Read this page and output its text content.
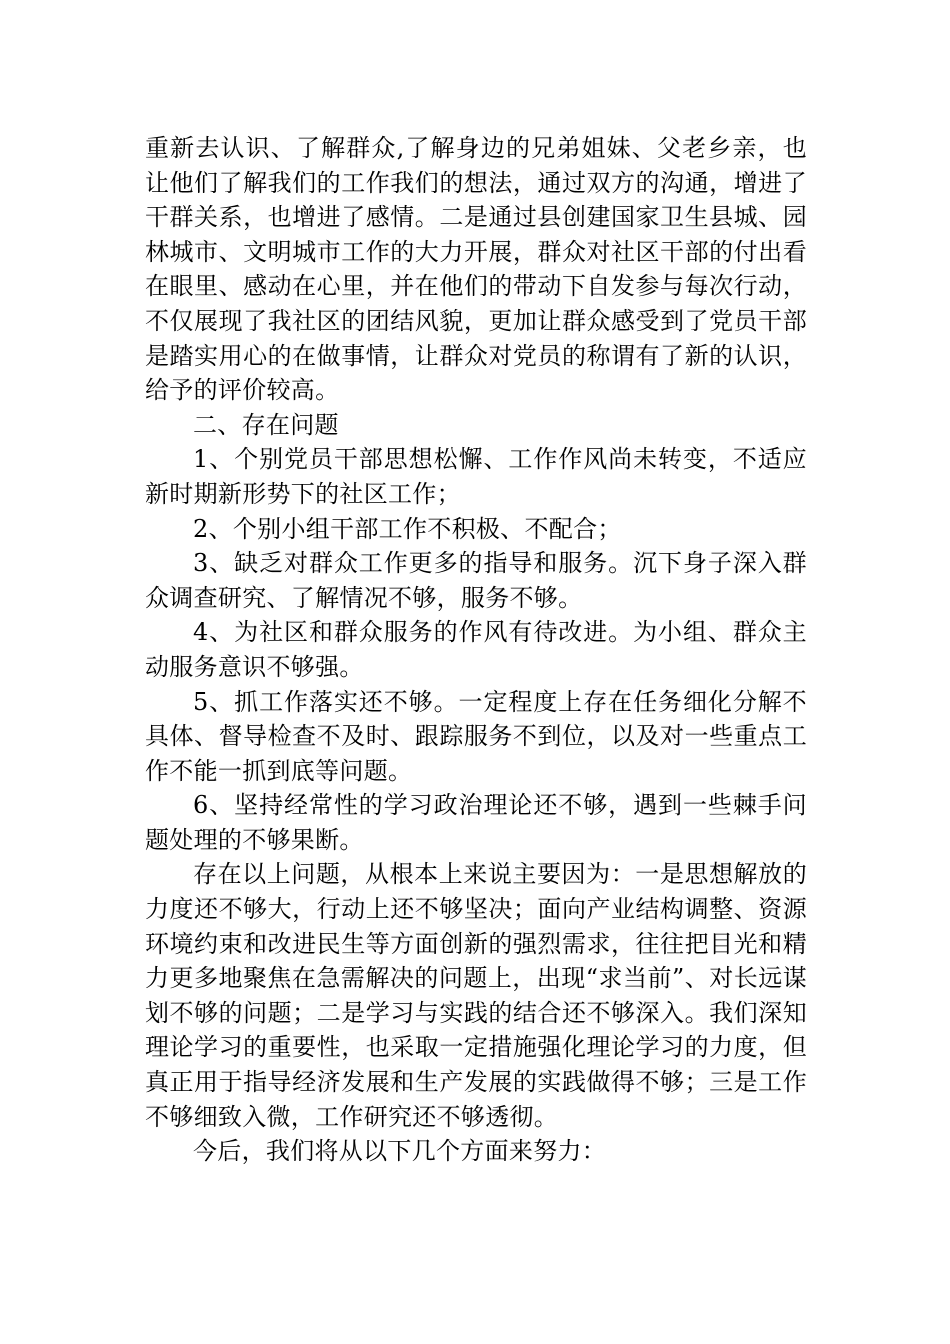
重新去认识、了解群众,了解身边的兄弟姐妹、父老乡亲，也让他们了解我们的工作我们的想法，通过双方的沟通，增进了干群关系，也增进了感情。二是通过县创建国家卫生县城、园林城市、文明城市工作的大力开展，群众对社区干部的付出看在眼里、感动在心里，并在他们的带动下自发参与每次行动，不仅展现了我社区的团结风貌，更加让群众感受到了党员干部是踏实用心的在做事情，让群众对党员的称谓有了新的认识，给予的评价较高。

二、存在问题

1、个别党员干部思想松懈、工作作风尚未转变，不适应新时期新形势下的社区工作；

2、个别小组干部工作不积极、不配合；

3、缺乏对群众工作更多的指导和服务。沉下身子深入群众调查研究、了解情况不够，服务不够。

4、为社区和群众服务的作风有待改进。为小组、群众主动服务意识不够强。

5、抓工作落实还不够。一定程度上存在任务细化分解不具体、督导检查不及时、跟踪服务不到位，以及对一些重点工作不能一抓到底等问题。

6、坚持经常性的学习政治理论还不够，遇到一些棘手问题处理的不够果断。

存在以上问题，从根本上来说主要因为：一是思想解放的力度还不够大，行动上还不够坚决；面向产业结构调整、资源环境约束和改进民生等方面创新的强烈需求，往往把目光和精力更多地聚焦在急需解决的问题上，出现“求当前”、对长远谋划不够的问题；二是学习与实践的结合还不够深入。我们深知理论学习的重要性，也采取一定措施强化理论学习的力度，但真正用于指导经济发展和生产发展的实践做得不够；三是工作不够细致入微，工作研究还不够透彻。

今后，我们将从以下几个方面来努力：
